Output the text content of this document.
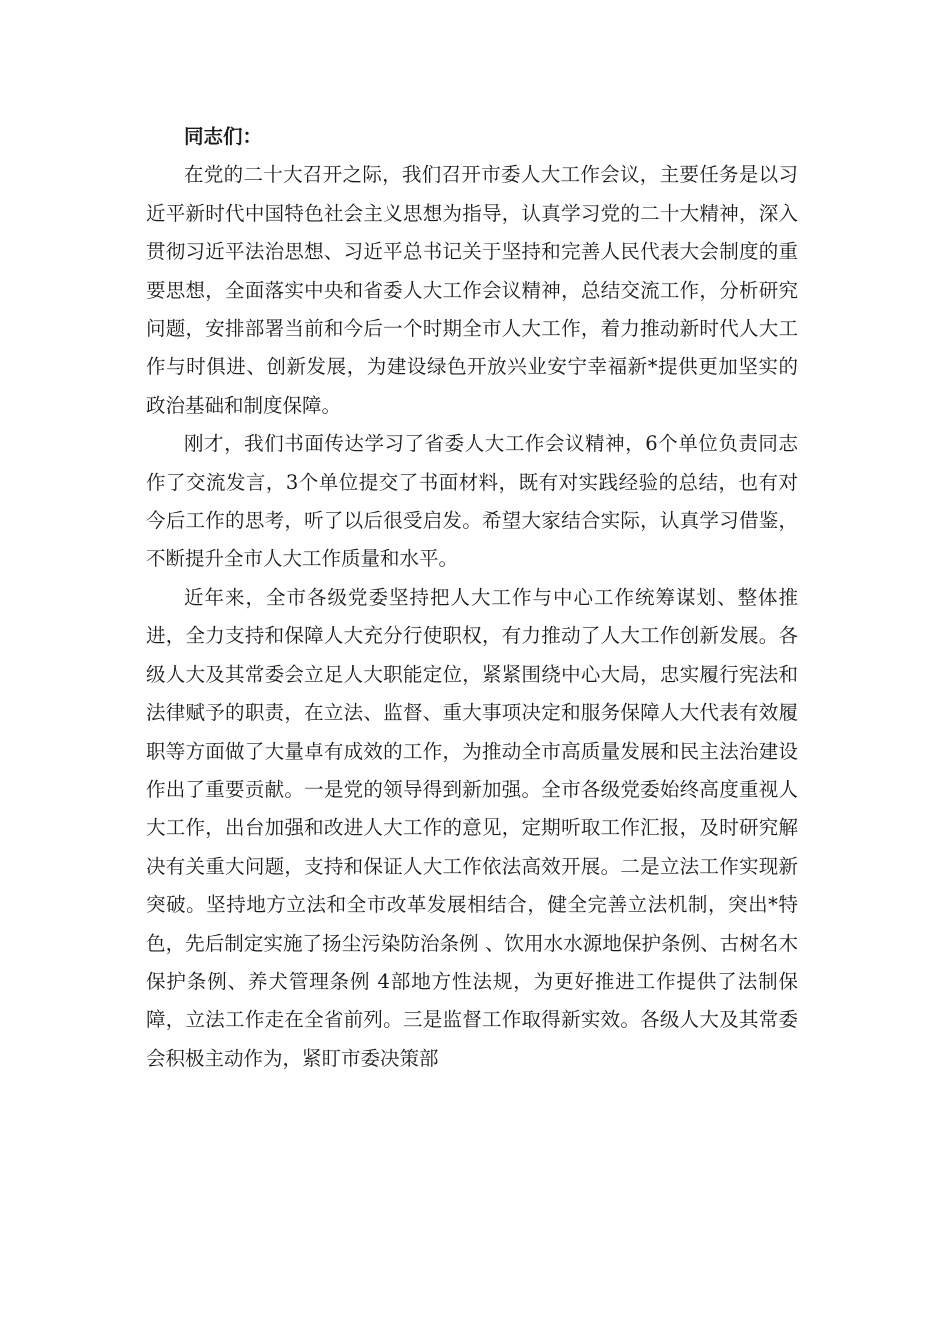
同志们：

在党的二十大召开之际，我们召开市委人大工作会议，主要任务是以习近平新时代中国特色社会主义思想为指导，认真学习党的二十大精神，深入贯彻习近平法治思想、习近平总书记关于坚持和完善人民代表大会制度的重要思想，全面落实中央和省委人大工作会议精神，总结交流工作，分析研究问题，安排部署当前和今后一个时期全市人大工作，着力推动新时代人大工作与时俱进、创新发展，为建设绿色开放兴业安宁幸福新*提供更加坚实的政治基础和制度保障。

刚才，我们书面传达学习了省委人大工作会议精神，6个单位负责同志作了交流发言，3个单位提交了书面材料，既有对实践经验的总结，也有对今后工作的思考，听了以后很受启发。希望大家结合实际，认真学习借鉴，不断提升全市人大工作质量和水平。

近年来，全市各级党委坚持把人大工作与中心工作统筹谋划、整体推进，全力支持和保障人大充分行使职权，有力推动了人大工作创新发展。各级人大及其常委会立足人大职能定位，紧紧围绕中心大局，忠实履行宪法和法律赋予的职责，在立法、监督、重大事项决定和服务保障人大代表有效履职等方面做了大量卓有成效的工作，为推动全市高质量发展和民主法治建设作出了重要贡献。一是党的领导得到新加强。全市各级党委始终高度重视人大工作，出台加强和改进人大工作的意见，定期听取工作汇报，及时研究解决有关重大问题，支持和保证人大工作依法高效开展。二是立法工作实现新突破。坚持地方立法和全市改革发展相结合，健全完善立法机制，突出*特色，先后制定实施了扬尘污染防治条例 、饮用水水源地保护条例、古树名木保护条例、养犬管理条例 4部地方性法规，为更好推进工作提供了法制保障，立法工作走在全省前列。三是监督工作取得新实效。各级人大及其常委会积极主动作为，紧盯市委决策部
